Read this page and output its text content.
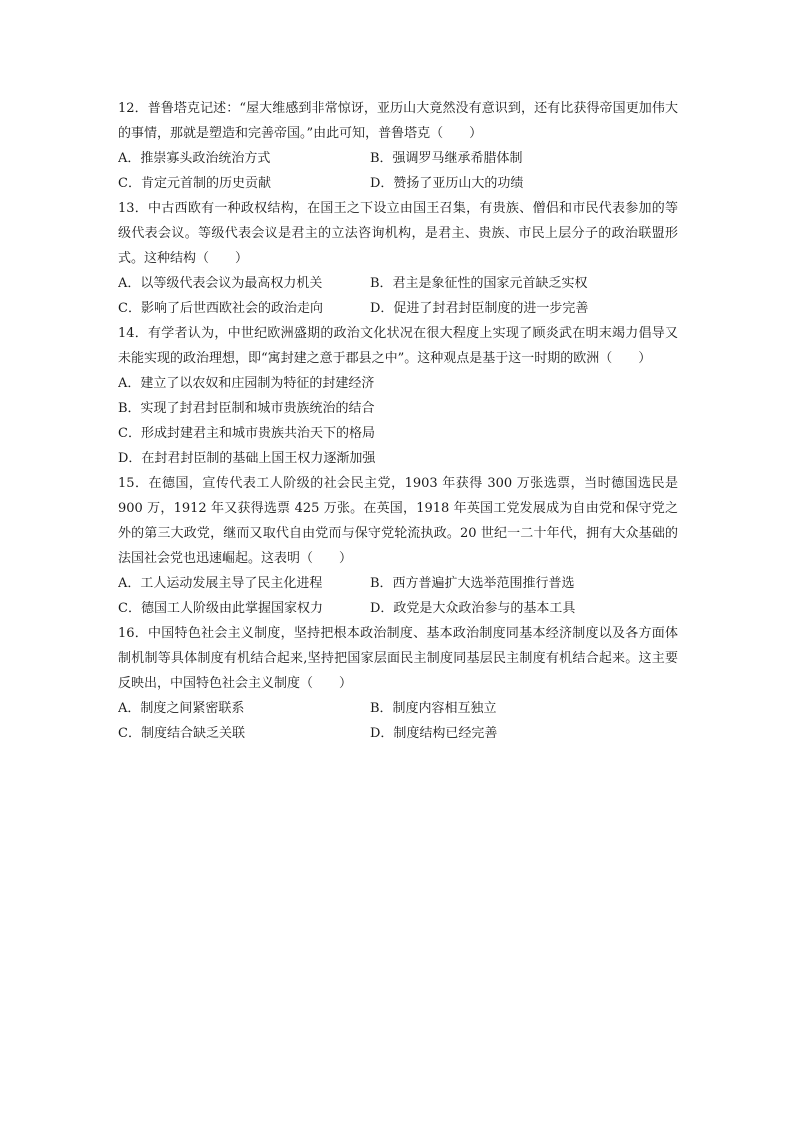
12．普鲁塔克记述：“屋大维感到非常惊讶，亚历山大竟然没有意识到，还有比获得帝国更加伟大的事情，那就是塑造和完善帝国。”由此可知，普鲁塔克（　　）

A．推崇寡头政治统治方式	B．强调罗马继承希腊体制
C．肯定元首制的历史贡献	D．赞扬了亚历山大的功绩

13．中古西欧有一种政权结构，在国王之下设立由国王召集，有贵族、僧侣和市民代表参加的等级代表会议。等级代表会议是君主的立法咨询机构，是君主、贵族、市民上层分子的政治联盟形式。这种结构（　　）

A．以等级代表会议为最高权力机关	B．君主是象征性的国家元首缺乏实权
C．影响了后世西欧社会的政治走向	D．促进了封君封臣制度的进一步完善

14．有学者认为，中世纪欧洲盛期的政治文化状况在很大程度上实现了顾炎武在明末竭力倡导又未能实现的政治理想，即“寓封建之意于郡县之中”。这种观点是基于这一时期的欧洲（　　）

A．建立了以农奴和庄园制为特征的封建经济
B．实现了封君封臣制和城市贵族统治的结合
C．形成封建君主和城市贵族共治天下的格局
D．在封君封臣制的基础上国王权力逐渐加强

15．在德国，宣传代表工人阶级的社会民主党，1903 年获得 300 万张选票，当时德国选民是 900 万，1912 年又获得选票 425 万张。在英国，1918 年英国工党发展成为自由党和保守党之外的第三大政党，继而又取代自由党而与保守党轮流执政。20 世纪一二十年代，拥有大众基础的法国社会党也迅速崛起。这表明（　　）

A．工人运动发展主导了民主化进程	B．西方普遍扩大选举范围推行普选
C．德国工人阶级由此掌握国家权力	D．政党是大众政治参与的基本工具

16．中国特色社会主义制度，坚持把根本政治制度、基本政治制度同基本经济制度以及各方面体制机制等具体制度有机结合起来,坚持把国家层面民主制度同基层民主制度有机结合起来。这主要反映出，中国特色社会主义制度（　　）

A．制度之间紧密联系	B．制度内容相互独立
C．制度结合缺乏关联	D．制度结构已经完善
